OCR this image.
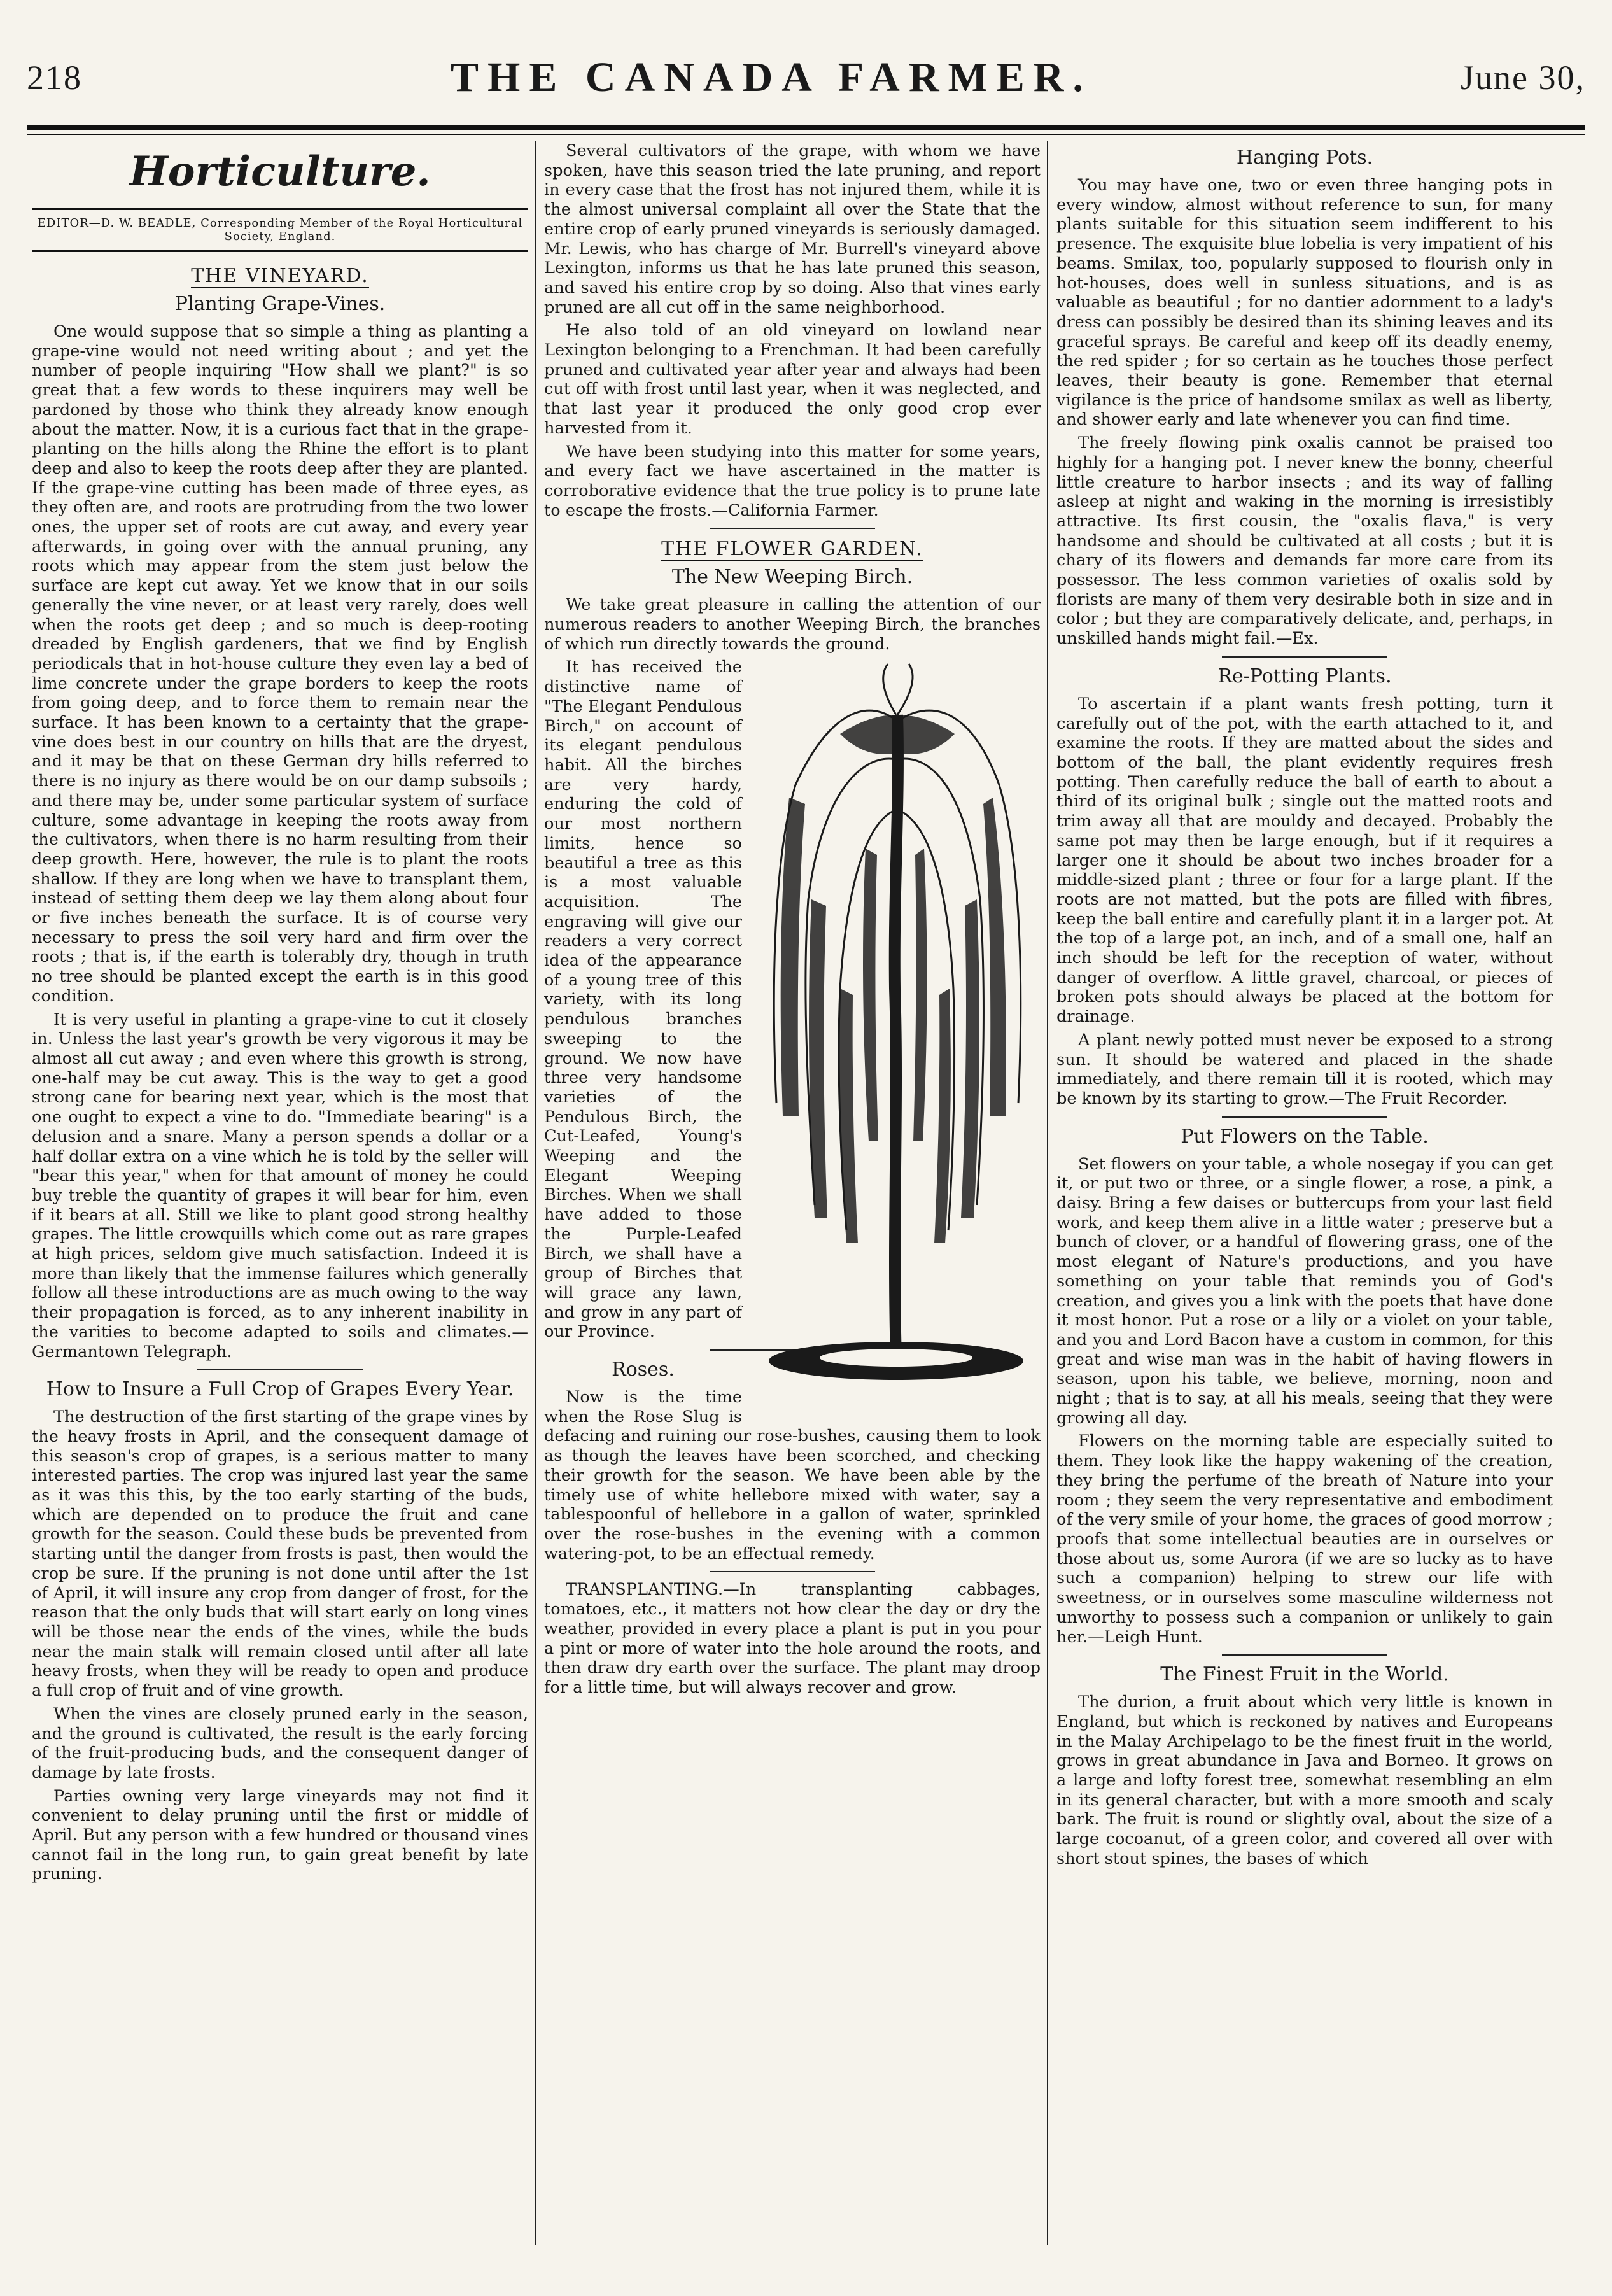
218	THE CANADA FARMER.	June 30,
Horticulture.
EDITOR—D. W. BEADLE, Corresponding Member of the Royal Horticultural Society, England.
THE VINEYARD.
Planting Grape-Vines.

One would suppose that so simple a thing as planting a grape-vine would not need writing about ; and yet the number of people inquiring "How shall we plant?" is so great that a few words to these inquirers may well be pardoned by those who think they already know enough about the matter. Now, it is a curious fact that in the grape-planting on the hills along the Rhine the effort is to plant deep and also to keep the roots deep after they are planted. If the grape-vine cutting has been made of three eyes, as they often are, and roots are protruding from the two lower ones, the upper set of roots are cut away, and every year afterwards, in going over with the annual pruning, any roots which may appear from the stem just below the surface are kept cut away. Yet we know that in our soils generally the vine never, or at least very rarely, does well when the roots get deep ; and so much is deep-rooting dreaded by English gardeners, that we find by English periodicals that in hot-house culture they even lay a bed of lime concrete under the grape borders to keep the roots from going deep, and to force them to remain near the surface. It has been known to a certainty that the grape-vine does best in our country on hills that are the dryest, and it may be that on these German dry hills referred to there is no injury as there would be on our damp subsoils ; and there may be, under some particular system of surface culture, some advantage in keeping the roots away from the cultivators, when there is no harm resulting from their deep growth. Here, however, the rule is to plant the roots shallow. If they are long when we have to transplant them, instead of setting them deep we lay them along about four or five inches beneath the surface. It is of course very necessary to press the soil very hard and firm over the roots ; that is, if the earth is tolerably dry, though in truth no tree should be planted except the earth is in this good condition.

It is very useful in planting a grape-vine to cut it closely in. Unless the last year's growth be very vigorous it may be almost all cut away ; and even where this growth is strong, one-half may be cut away. This is the way to get a good strong cane for bearing next year, which is the most that one ought to expect a vine to do. "Immediate bearing" is a delusion and a snare. Many a person spends a dollar or a half dollar extra on a vine which he is told by the seller will "bear this year," when for that amount of money he could buy treble the quantity of grapes it will bear for him, even if it bears at all. Still we like to plant good strong healthy grapes. The little crowquills which come out as rare grapes at high prices, seldom give much satisfaction. Indeed it is more than likely that the immense failures which generally follow all these introductions are as much owing to the way their propagation is forced, as to any inherent inability in the varities to become adapted to soils and climates.—Germantown Telegraph.

How to Insure a Full Crop of Grapes Every Year.

The destruction of the first starting of the grape vines by the heavy frosts in April, and the consequent damage of this season's crop of grapes, is a serious matter to many interested parties. The crop was injured last year the same as it was this this, by the too early starting of the buds, which are depended on to produce the fruit and cane growth for the season. Could these buds be prevented from starting until the danger from frosts is past, then would the crop be sure. If the pruning is not done until after the 1st of April, it will insure any crop from danger of frost, for the reason that the only buds that will start early on long vines will be those near the ends of the vines, while the buds near the main stalk will remain closed until after all late heavy frosts, when they will be ready to open and produce a full crop of fruit and of vine growth.

When the vines are closely pruned early in the season, and the ground is cultivated, the result is the early forcing of the fruit-producing buds, and the consequent danger of damage by late frosts.

Parties owning very large vineyards may not find it convenient to delay pruning until the first or middle of April. But any person with a few hundred or thousand vines cannot fail in the long run, to gain great benefit by late pruning.

Several cultivators of the grape, with whom we have spoken, have this season tried the late pruning, and report in every case that the frost has not injured them, while it is the almost universal complaint all over the State that the entire crop of early pruned vineyards is seriously damaged. Mr. Lewis, who has charge of Mr. Burrell's vineyard above Lexington, informs us that he has late pruned this season, and saved his entire crop by so doing. Also that vines early pruned are all cut off in the same neighborhood.

He also told of an old vineyard on lowland near Lexington belonging to a Frenchman. It had been carefully pruned and cultivated year after year and always had been cut off with frost until last year, when it was neglected, and that last year it produced the only good crop ever harvested from it.

We have been studying into this matter for some years, and every fact we have ascertained in the matter is corroborative evidence that the true policy is to prune late to escape the frosts.—California Farmer.

THE FLOWER GARDEN.
The New Weeping Birch.

We take great pleasure in calling the attention of our numerous readers to another Weeping Birch, the branches of which run directly towards the ground.

It has received the distinctive name of "The Elegant Pendulous Birch," on account of its elegant pendulous habit. All the birches are very hardy, enduring the cold of our most northern limits, hence so beautiful a tree as this is a most valuable acquisition. The engraving will give our readers a very correct idea of the appearance of a young tree of this variety, with its long pendulous branches sweeping to the ground. We now have three very handsome varieties of the Pendulous Birch, the Cut-Leafed, Young's Weeping and the Elegant Weeping Birches. When we shall have added to those the Purple-Leafed Birch, we shall have a group of Birches that will grace any lawn, and grow in any part of our Province.

Roses.

Now is the time when the Rose Slug is defacing and ruining our rose-bushes, causing them to look as though the leaves have been scorched, and checking their growth for the season. We have been able by the timely use of white hellebore mixed with water, say a tablespoonful of hellebore in a gallon of water, sprinkled over the rose-bushes in the evening with a common watering-pot, to be an effectual remedy.

TRANSPLANTING.—In transplanting cabbages, tomatoes, etc., it matters not how clear the day or dry the weather, provided in every place a plant is put in you pour a pint or more of water into the hole around the roots, and then draw dry earth over the surface. The plant may droop for a little time, but will always recover and grow.

Hanging Pots.

You may have one, two or even three hanging pots in every window, almost without reference to sun, for many plants suitable for this situation seem indifferent to his presence. The exquisite blue lobelia is very impatient of his beams. Smilax, too, popularly supposed to flourish only in hot-houses, does well in sunless situations, and is as valuable as beautiful ; for no dantier adornment to a lady's dress can possibly be desired than its shining leaves and its graceful sprays. Be careful and keep off its deadly enemy, the red spider ; for so certain as he touches those perfect leaves, their beauty is gone. Remember that eternal vigilance is the price of handsome smilax as well as liberty, and shower early and late whenever you can find time.

The freely flowing pink oxalis cannot be praised too highly for a hanging pot. I never knew the bonny, cheerful little creature to harbor insects ; and its way of falling asleep at night and waking in the morning is irresistibly attractive. Its first cousin, the "oxalis flava," is very handsome and should be cultivated at all costs ; but it is chary of its flowers and demands far more care from its possessor. The less common varieties of oxalis sold by florists are many of them very desirable both in size and in color ; but they are comparatively delicate, and, perhaps, in unskilled hands might fail.—Ex.

Re-Potting Plants.

To ascertain if a plant wants fresh potting, turn it carefully out of the pot, with the earth attached to it, and examine the roots. If they are matted about the sides and bottom of the ball, the plant evidently requires fresh potting. Then carefully reduce the ball of earth to about a third of its original bulk ; single out the matted roots and trim away all that are mouldy and decayed. Probably the same pot may then be large enough, but if it requires a larger one it should be about two inches broader for a middle-sized plant ; three or four for a large plant. If the roots are not matted, but the pots are filled with fibres, keep the ball entire and carefully plant it in a larger pot. At the top of a large pot, an inch, and of a small one, half an inch should be left for the reception of water, without danger of overflow. A little gravel, charcoal, or pieces of broken pots should always be placed at the bottom for drainage.

A plant newly potted must never be exposed to a strong sun. It should be watered and placed in the shade immediately, and there remain till it is rooted, which may be known by its starting to grow.—The Fruit Recorder.

Put Flowers on the Table.

Set flowers on your table, a whole nosegay if you can get it, or put two or three, or a single flower, a rose, a pink, a daisy. Bring a few daises or buttercups from your last field work, and keep them alive in a little water ; preserve but a bunch of clover, or a handful of flowering grass, one of the most elegant of Nature's productions, and you have something on your table that reminds you of God's creation, and gives you a link with the poets that have done it most honor. Put a rose or a lily or a violet on your table, and you and Lord Bacon have a custom in common, for this great and wise man was in the habit of having flowers in season, upon his table, we believe, morning, noon and night ; that is to say, at all his meals, seeing that they were growing all day.

Flowers on the morning table are especially suited to them. They look like the happy wakening of the creation, they bring the perfume of the breath of Nature into your room ; they seem the very representative and embodiment of the very smile of your home, the graces of good morrow ; proofs that some intellectual beauties are in ourselves or those about us, some Aurora (if we are so lucky as to have such a companion) helping to strew our life with sweetness, or in ourselves some masculine wilderness not unworthy to possess such a companion or unlikely to gain her.—Leigh Hunt.

The Finest Fruit in the World.

The durion, a fruit about which very little is known in England, but which is reckoned by natives and Europeans in the Malay Archipelago to be the finest fruit in the world, grows in great abundance in Java and Borneo. It grows on a large and lofty forest tree, somewhat resembling an elm in its general character, but with a more smooth and scaly bark. The fruit is round or slightly oval, about the size of a large cocoanut, of a green color, and covered all over with short stout spines, the bases of which
